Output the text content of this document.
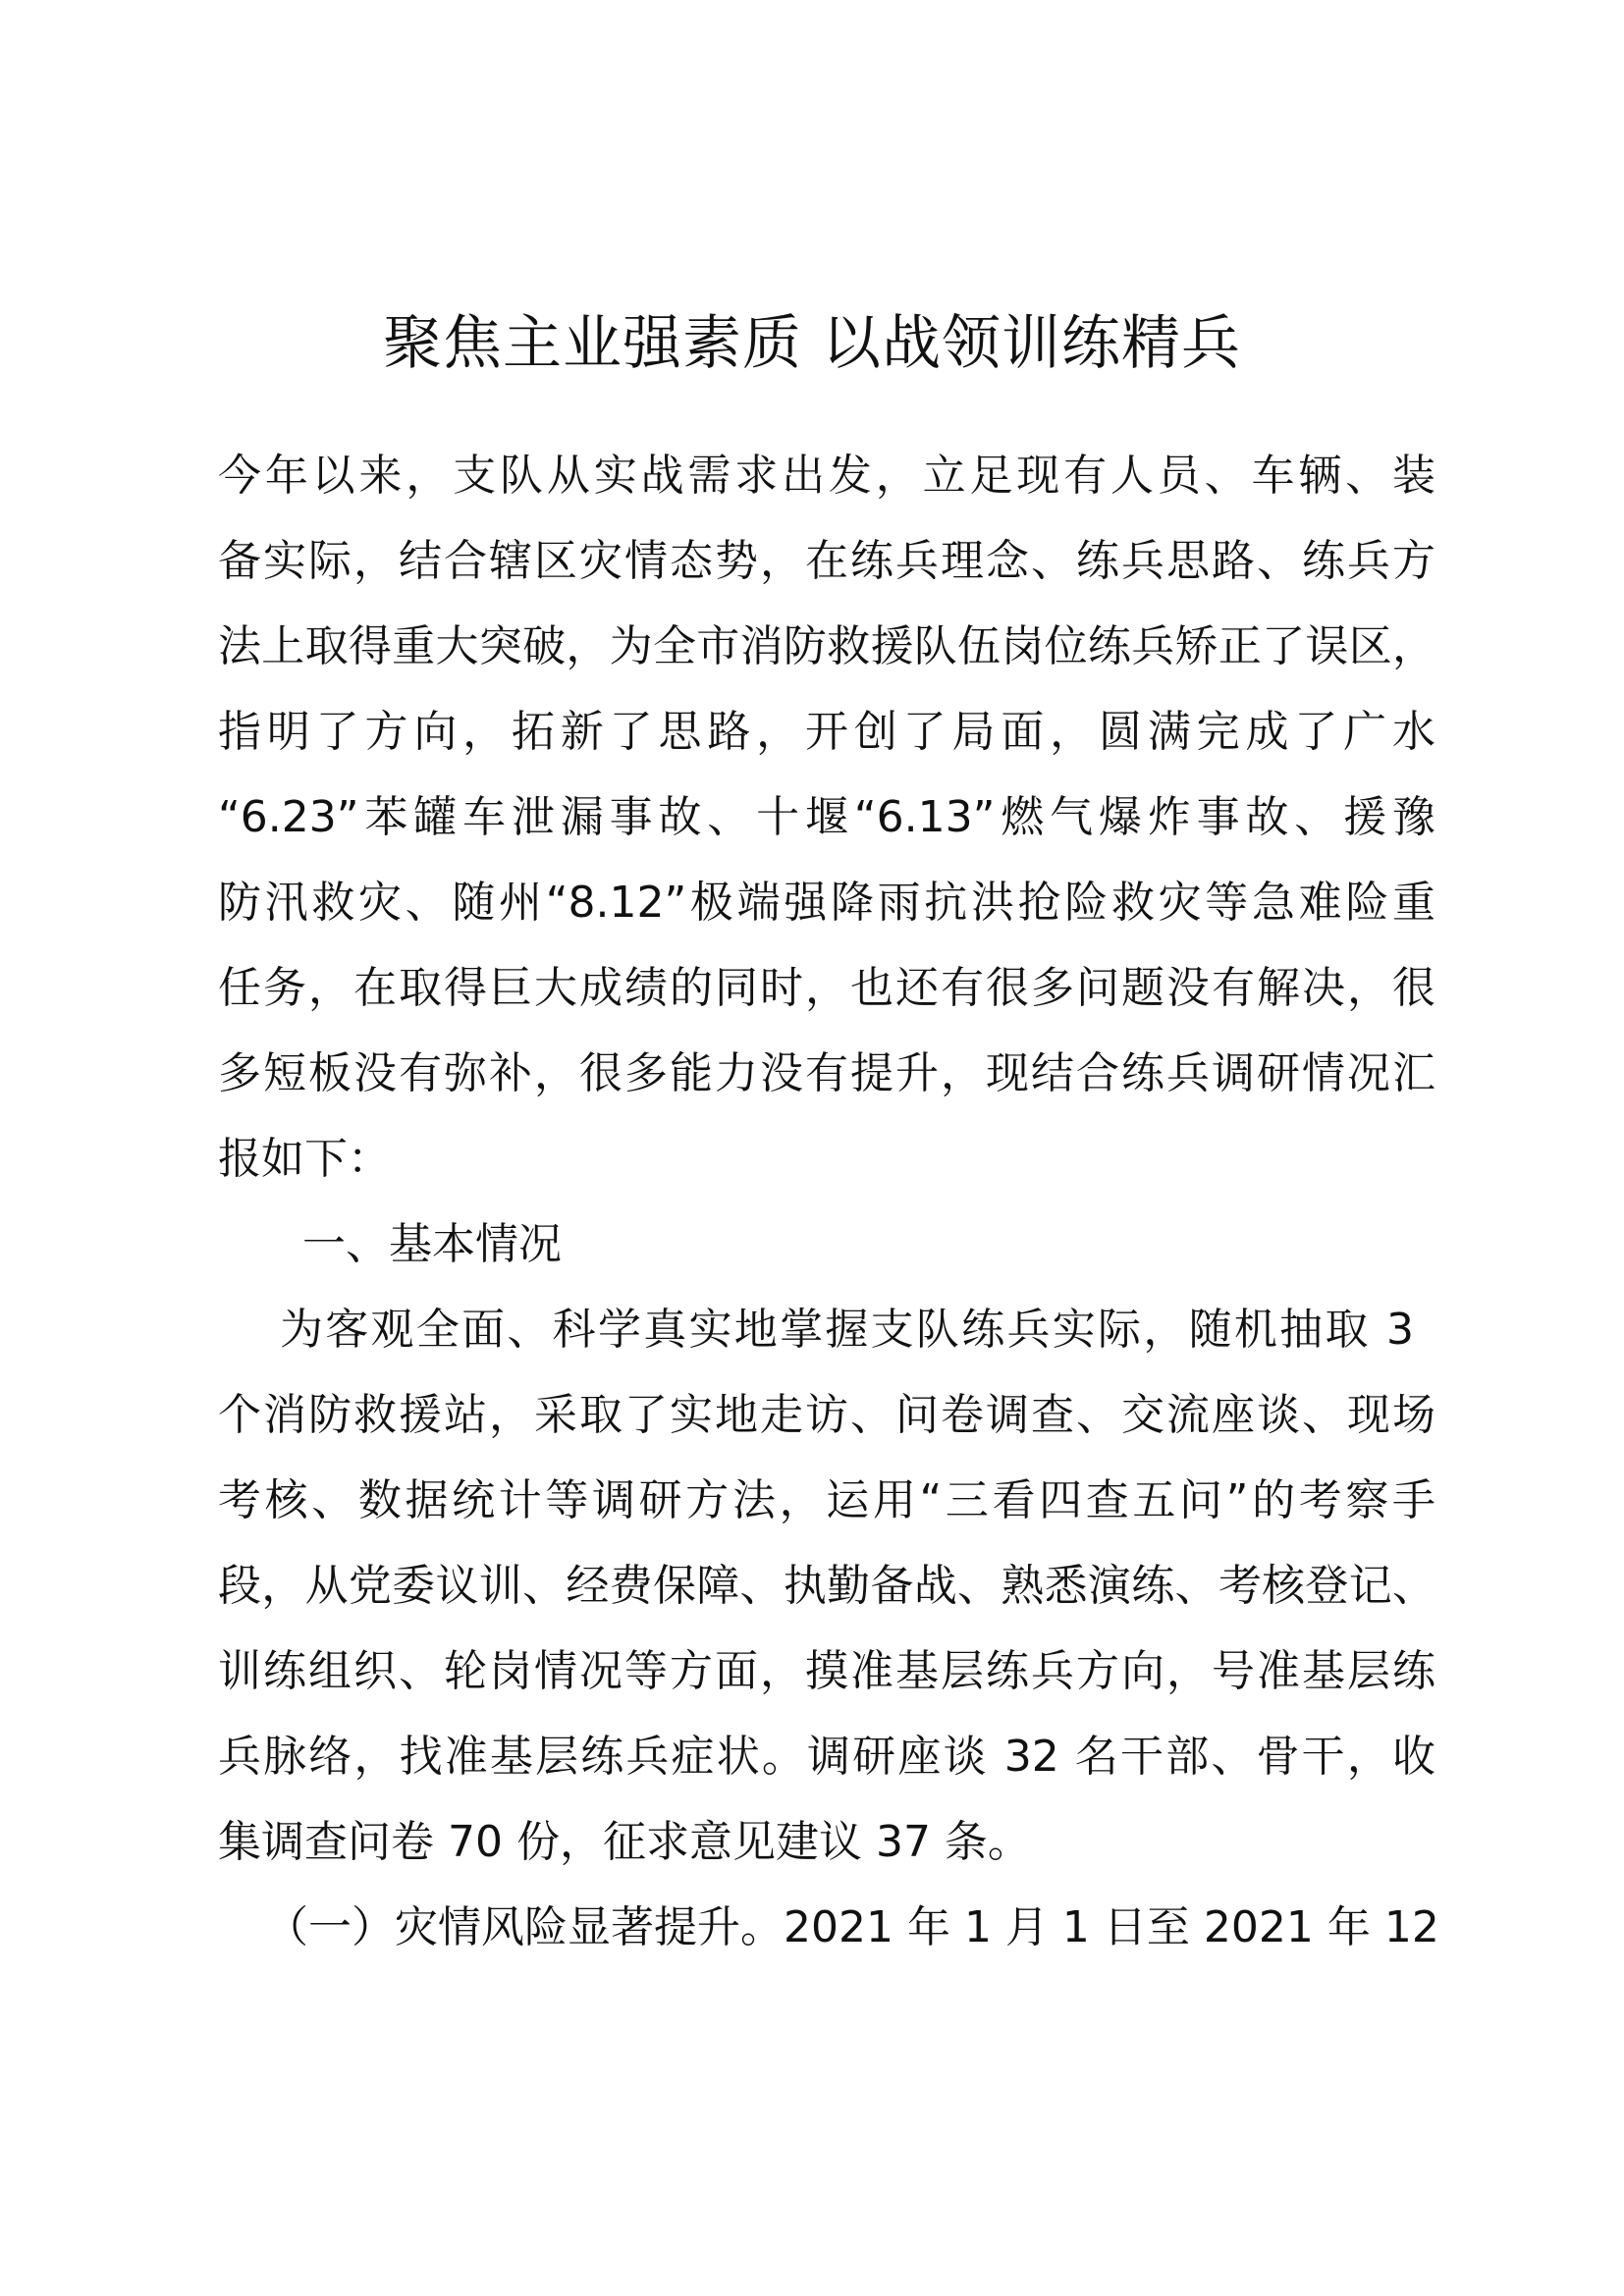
聚焦主业强素质 以战领训练精兵
今年以来，支队从实战需求出发，立足现有人员、车辆、装
备实际，结合辖区灾情态势，在练兵理念、练兵思路、练兵方
法上取得重大突破，为全市消防救援队伍岗位练兵矫正了误区，
指明了方向，拓新了思路，开创了局面，圆满完成了广水
“6.23”苯罐车泄漏事故、十堰“6.13”燃气爆炸事故、援豫
防汛救灾、随州“8.12”极端强降雨抗洪抢险救灾等急难险重
任务，在取得巨大成绩的同时，也还有很多问题没有解决，很
多短板没有弥补，很多能力没有提升，现结合练兵调研情况汇
报如下：
一、基本情况
为客观全面、科学真实地掌握支队练兵实际，随机抽取 3
个消防救援站，采取了实地走访、问卷调查、交流座谈、现场
考核、数据统计等调研方法，运用“三看四查五问”的考察手
段，从党委议训、经费保障、执勤备战、熟悉演练、考核登记、
训练组织、轮岗情况等方面，摸准基层练兵方向，号准基层练
兵脉络，找准基层练兵症状。调研座谈 32 名干部、骨干，收
集调查问卷 70 份，征求意见建议 37 条。
（一）灾情风险显著提升。2021 年 1 月 1 日至 2021 年 12
